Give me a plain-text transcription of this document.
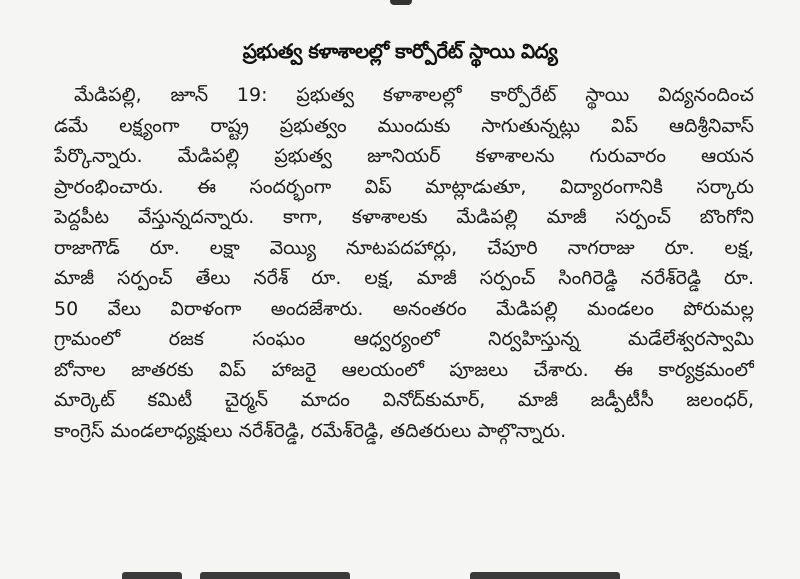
ప్రభుత్వ కళాశాలల్లో కార్పోరేట్ స్థాయి విద్య
మేడిపల్లి, జూన్ 19: ప్రభుత్వ కళాశాలల్లో కార్పోరేట్ స్థాయి విద్యనందించ
డమే లక్ష్యంగా రాష్ట్ర ప్రభుత్వం ముందుకు సాగుతున్నట్లు విప్ ఆదిశ్రీనివాస్
పేర్కొన్నారు. మేడిపల్లి ప్రభుత్వ జూనియర్ కళాశాలను గురువారం ఆయన
ప్రారంభించారు. ఈ సందర్భంగా విప్ మాట్లాడుతూ, విద్యారంగానికి సర్కారు
పెద్దపీట వేస్తున్నదన్నారు. కాగా, కళాశాలకు మేడిపల్లి మాజీ సర్పంచ్ బొంగోని
రాజాగౌడ్ రూ. లక్షా వెయ్యి నూటపదహార్లు, చేపూరి నాగరాజు రూ. లక్ష,
మాజీ సర్పంచ్ తేలు నరేశ్ రూ. లక్ష, మాజీ సర్పంచ్ సింగిరెడ్డి నరేశ్‌రెడ్డి రూ.
50 వేలు విరాళంగా అందజేశారు. అనంతరం మేడిపల్లి మండలం పోరుమల్ల
గ్రామంలో రజక సంఘం ఆధ్వర్యంలో నిర్వహిస్తున్న మడేలేశ్వరస్వామి
బోనాల జాతరకు విప్ హాజరై ఆలయంలో పూజలు చేశారు. ఈ కార్యక్రమంలో
మార్కెట్ కమిటీ చైర్మన్ మాదం వినోద్‌కుమార్, మాజీ జడ్పీటీసీ జలంధర్,
కాంగ్రెస్ మండలాధ్యక్షులు నరేశ్‌రెడ్డి, రమేశ్‌రెడ్డి, తదితరులు పాల్గొన్నారు.
